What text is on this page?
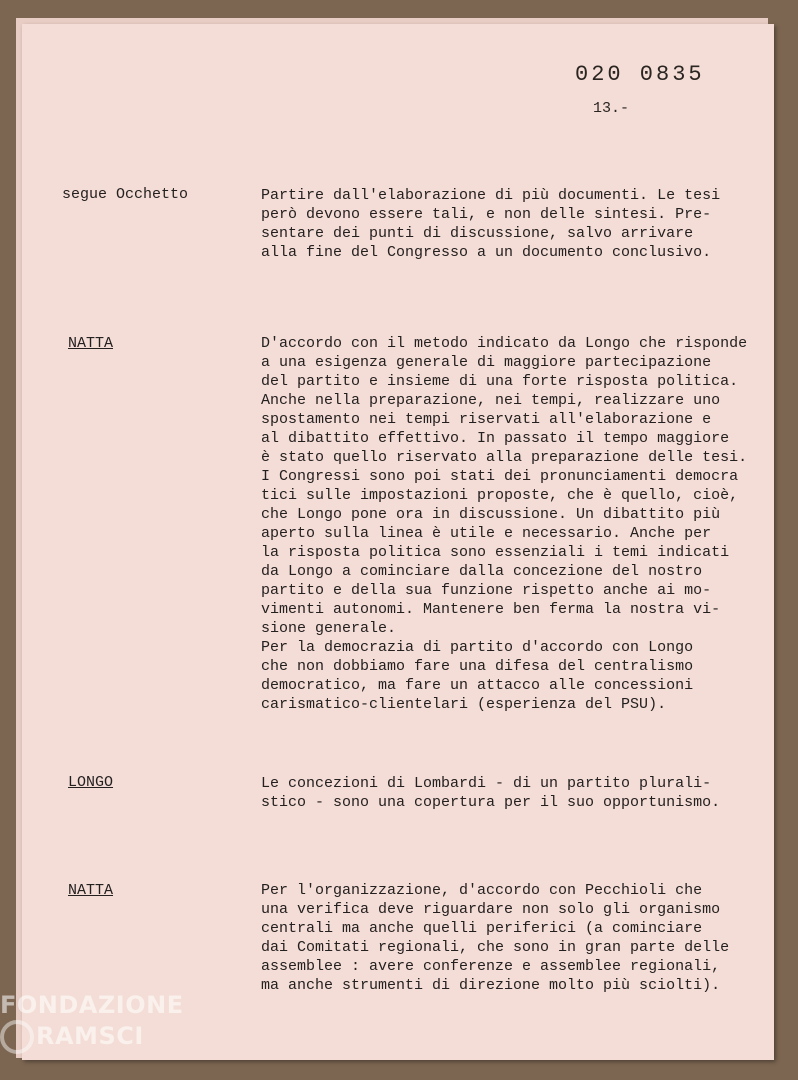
020 0835
13.-
segue Occhetto	Partire dall'elaborazione di più documenti. Le tesi
però devono essere tali, e non delle sintesi. Pre-
sentare dei punti di discussione, salvo arrivare
alla fine del Congresso a un documento conclusivo.
NATTA	D'accordo con il metodo indicato da Longo che risponde
a una esigenza generale di maggiore partecipazione
del partito e insieme di una forte risposta politica.
Anche nella preparazione, nei tempi, realizzare uno
spostamento nei tempi riservati all'elaborazione e
al dibattito effettivo. In passato il tempo maggiore
è stato quello riservato alla preparazione delle tesi.
I Congressi sono poi stati dei pronunciamenti democra
tici sulle impostazioni proposte, che è quello, cioè,
che Longo pone ora in discussione. Un dibattito più
aperto sulla linea è utile e necessario. Anche per
la risposta politica sono essenziali i temi indicati
da Longo a cominciare dalla concezione del nostro
partito e della sua funzione rispetto anche ai mo-
vimenti autonomi. Mantenere ben ferma la nostra vi-
sione generale.
Per la democrazia di partito d'accordo con Longo
che non dobbiamo fare una difesa del centralismo
democratico, ma fare un attacco alle concessioni
carismatico-clientelari (esperienza del PSU).
LONGO	Le concezioni di Lombardi - di un partito plurali-
stico - sono una copertura per il suo opportunismo.
NATTA	Per l'organizzazione, d'accordo con Pecchioli che
una verifica deve riguardare non solo gli organismo
centrali ma anche quelli periferici (a cominciare
dai Comitati regionali, che sono in gran parte delle
assemblee : avere conferenze e assemblee regionali,
ma anche strumenti di direzione molto più sciolti).
FONDAZIONE
RAMSCI
